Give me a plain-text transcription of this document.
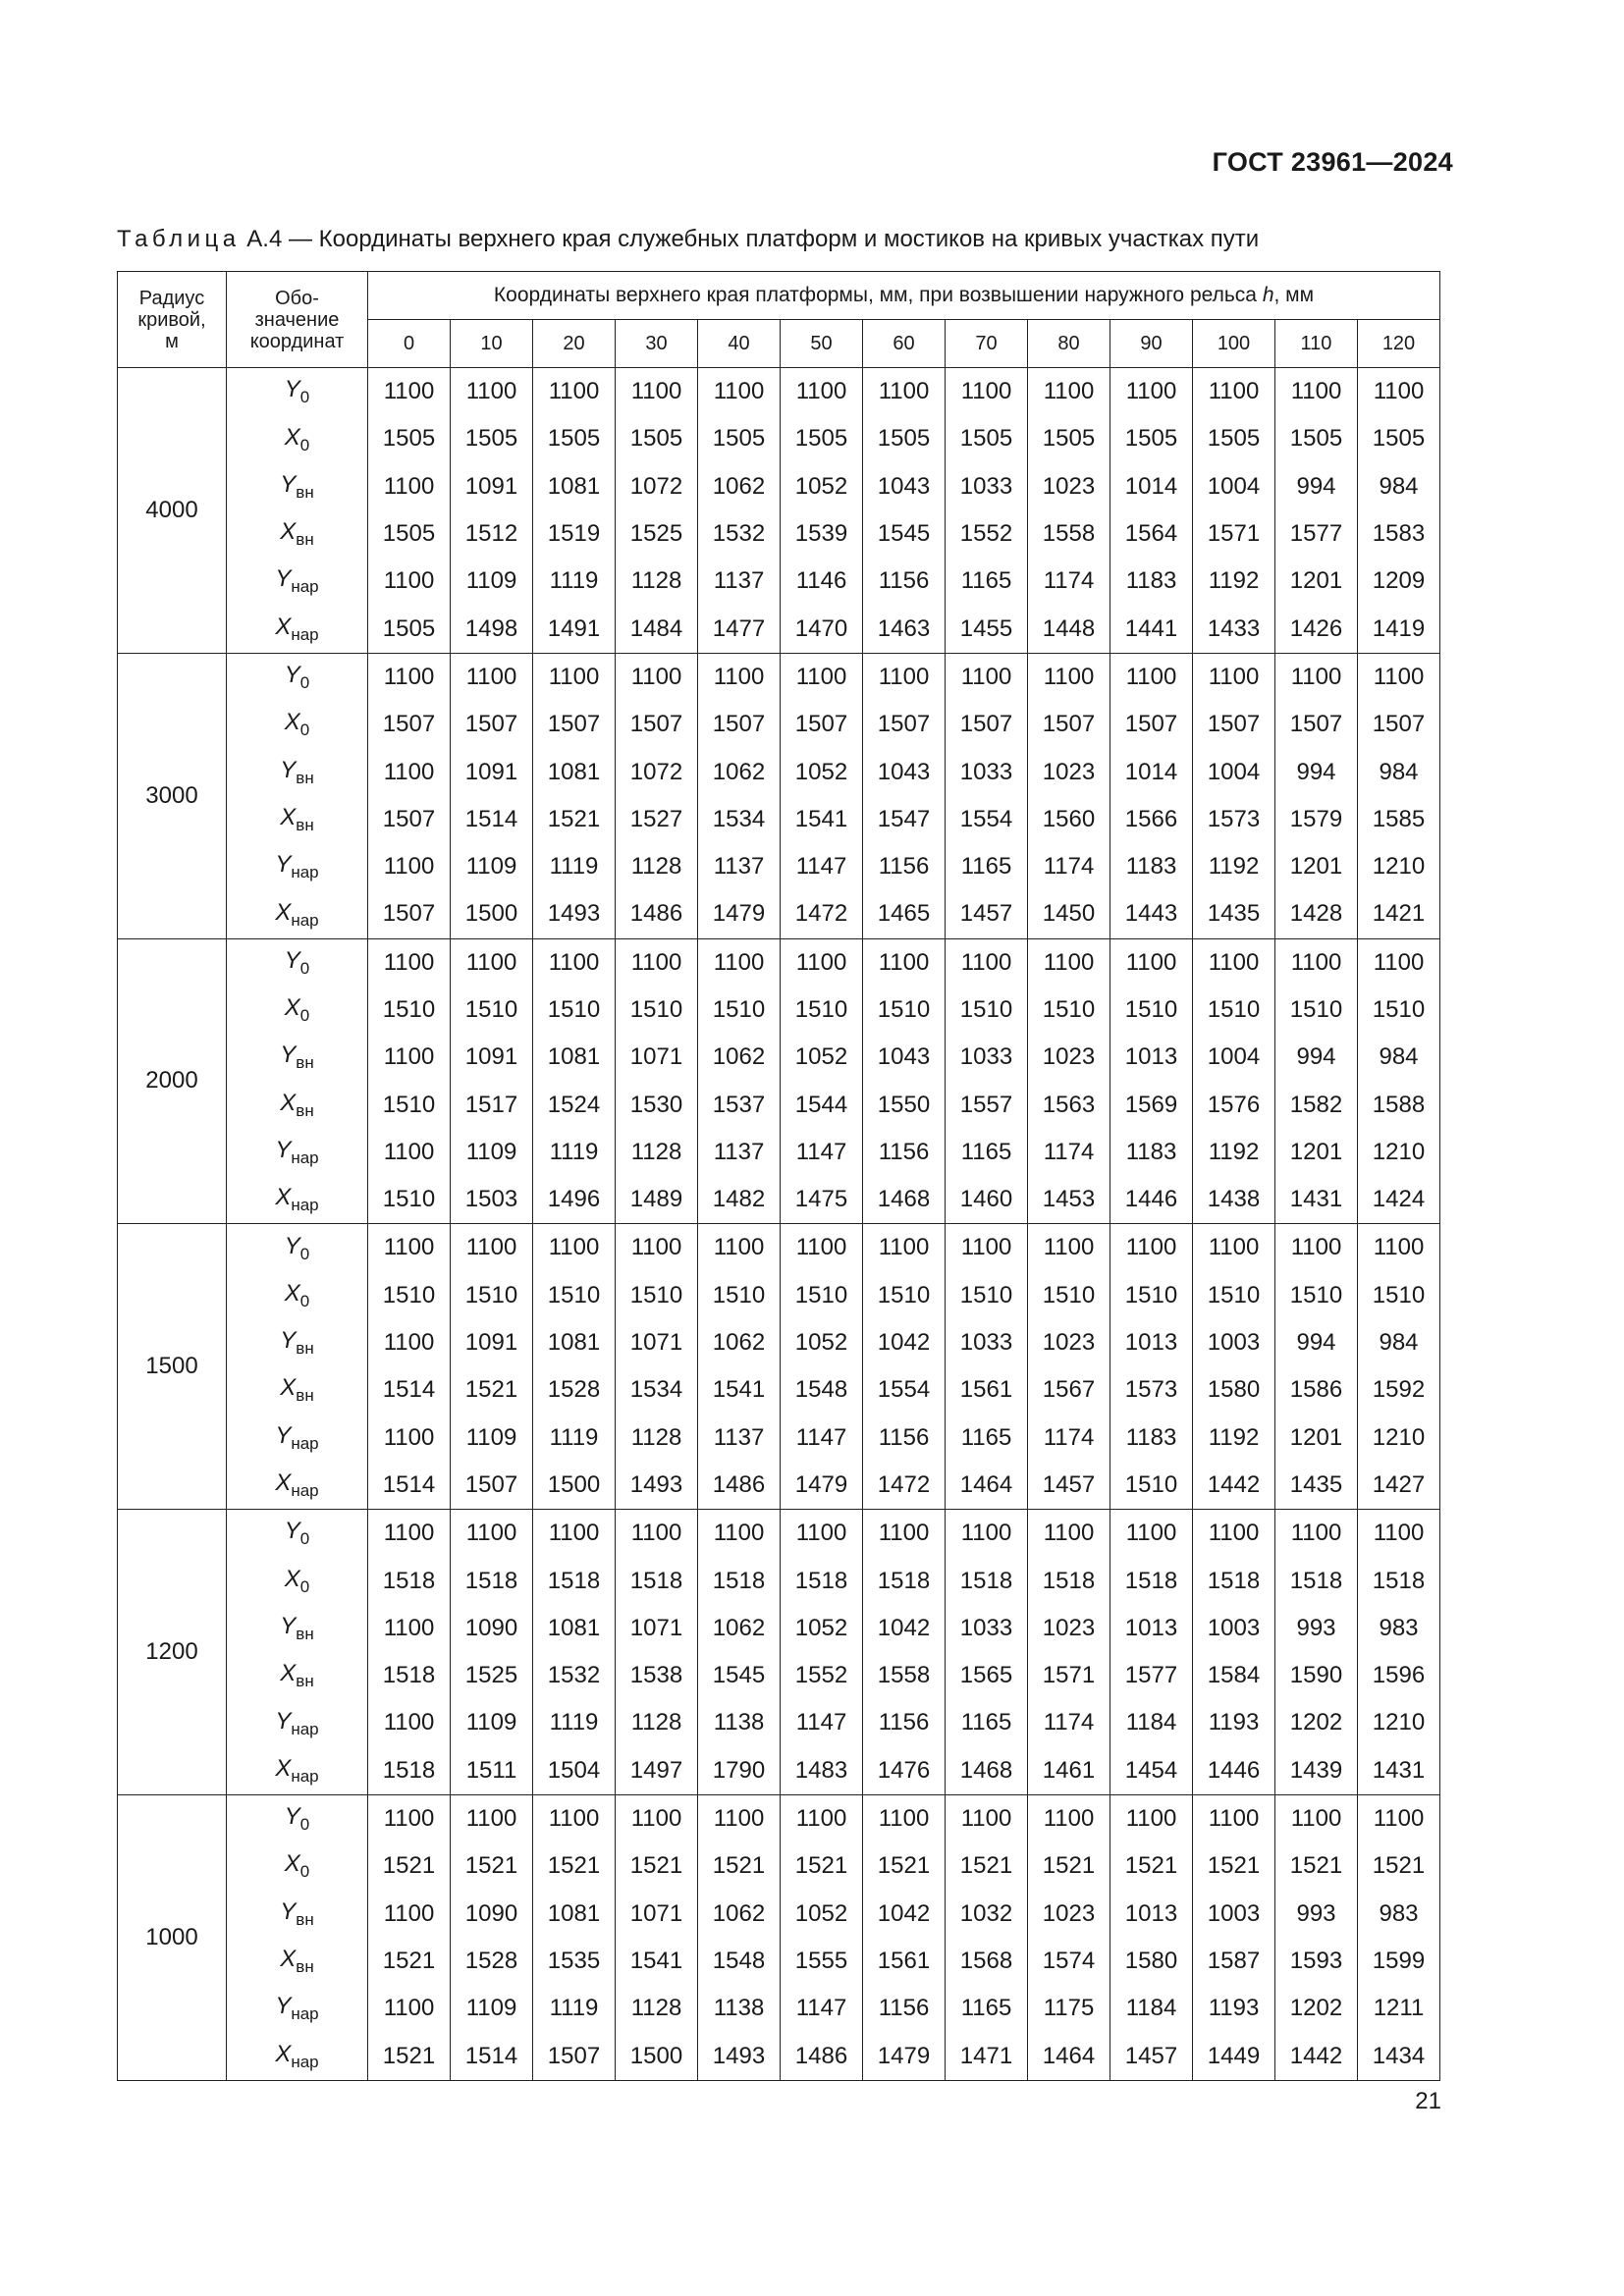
ГОСТ 23961—2024
Таблица А.4 — Координаты верхнего края служебных платформ и мостиков на кривых участках пути
Радиус кривой, м	Обо-значение координат	Координаты верхнего края платформы, мм, при возвышении наружного рельса h, мм												
		0	10	20	30	40	50	60	70	80	90	100	110	120
4000	$Y_0$	1100	1100	1100	1100	1100	1100	1100	1100	1100	1100	1100	1100	1100
	$X_0$	1505	1505	1505	1505	1505	1505	1505	1505	1505	1505	1505	1505	1505
	$Y_{вн}$	1100	1091	1081	1072	1062	1052	1043	1033	1023	1014	1004	994	984
	$X_{вн}$	1505	1512	1519	1525	1532	1539	1545	1552	1558	1564	1571	1577	1583
	$Y_{нар}$	1100	1109	1119	1128	1137	1146	1156	1165	1174	1183	1192	1201	1209
	$X_{нар}$	1505	1498	1491	1484	1477	1470	1463	1455	1448	1441	1433	1426	1419
3000	$Y_0$	1100	1100	1100	1100	1100	1100	1100	1100	1100	1100	1100	1100	1100
	$X_0$	1507	1507	1507	1507	1507	1507	1507	1507	1507	1507	1507	1507	1507
	$Y_{вн}$	1100	1091	1081	1072	1062	1052	1043	1033	1023	1014	1004	994	984
	$X_{вн}$	1507	1514	1521	1527	1534	1541	1547	1554	1560	1566	1573	1579	1585
	$Y_{нар}$	1100	1109	1119	1128	1137	1147	1156	1165	1174	1183	1192	1201	1210
	$X_{нар}$	1507	1500	1493	1486	1479	1472	1465	1457	1450	1443	1435	1428	1421
2000	$Y_0$	1100	1100	1100	1100	1100	1100	1100	1100	1100	1100	1100	1100	1100
	$X_0$	1510	1510	1510	1510	1510	1510	1510	1510	1510	1510	1510	1510	1510
	$Y_{вн}$	1100	1091	1081	1071	1062	1052	1043	1033	1023	1013	1004	994	984
	$X_{вн}$	1510	1517	1524	1530	1537	1544	1550	1557	1563	1569	1576	1582	1588
	$Y_{нар}$	1100	1109	1119	1128	1137	1147	1156	1165	1174	1183	1192	1201	1210
	$X_{нар}$	1510	1503	1496	1489	1482	1475	1468	1460	1453	1446	1438	1431	1424
1500	$Y_0$	1100	1100	1100	1100	1100	1100	1100	1100	1100	1100	1100	1100	1100
	$X_0$	1510	1510	1510	1510	1510	1510	1510	1510	1510	1510	1510	1510	1510
	$Y_{вн}$	1100	1091	1081	1071	1062	1052	1042	1033	1023	1013	1003	994	984
	$X_{вн}$	1514	1521	1528	1534	1541	1548	1554	1561	1567	1573	1580	1586	1592
	$Y_{нар}$	1100	1109	1119	1128	1137	1147	1156	1165	1174	1183	1192	1201	1210
	$X_{нар}$	1514	1507	1500	1493	1486	1479	1472	1464	1457	1510	1442	1435	1427
1200	$Y_0$	1100	1100	1100	1100	1100	1100	1100	1100	1100	1100	1100	1100	1100
	$X_0$	1518	1518	1518	1518	1518	1518	1518	1518	1518	1518	1518	1518	1518
	$Y_{вн}$	1100	1090	1081	1071	1062	1052	1042	1033	1023	1013	1003	993	983
	$X_{вн}$	1518	1525	1532	1538	1545	1552	1558	1565	1571	1577	1584	1590	1596
	$Y_{нар}$	1100	1109	1119	1128	1138	1147	1156	1165	1174	1184	1193	1202	1210
	$X_{нар}$	1518	1511	1504	1497	1790	1483	1476	1468	1461	1454	1446	1439	1431
1000	$Y_0$	1100	1100	1100	1100	1100	1100	1100	1100	1100	1100	1100	1100	1100
	$X_0$	1521	1521	1521	1521	1521	1521	1521	1521	1521	1521	1521	1521	1521
	$Y_{вн}$	1100	1090	1081	1071	1062	1052	1042	1032	1023	1013	1003	993	983
	$X_{вн}$	1521	1528	1535	1541	1548	1555	1561	1568	1574	1580	1587	1593	1599
	$Y_{нар}$	1100	1109	1119	1128	1138	1147	1156	1165	1175	1184	1193	1202	1211
	$X_{нар}$	1521	1514	1507	1500	1493	1486	1479	1471	1464	1457	1449	1442	1434
21
